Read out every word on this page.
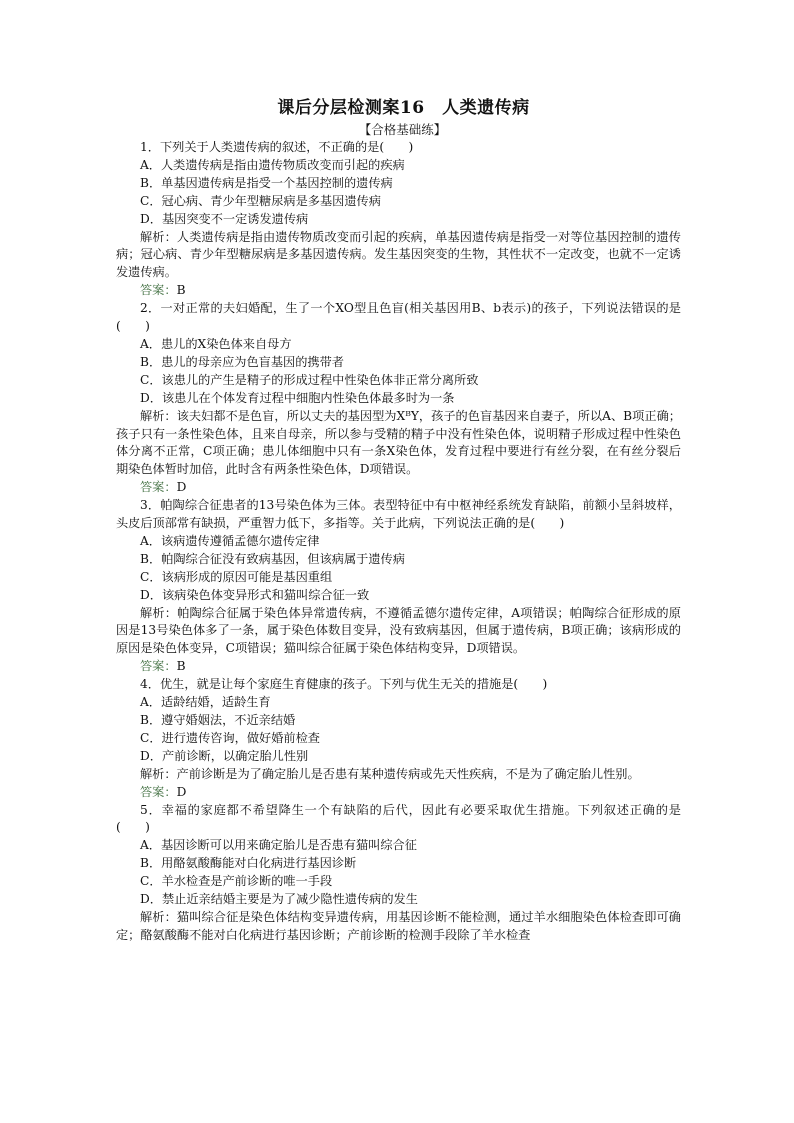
课后分层检测案16　人类遗传病
【合格基础练】
1．下列关于人类遗传病的叙述，不正确的是(　　)
A．人类遗传病是指由遗传物质改变而引起的疾病
B．单基因遗传病是指受一个基因控制的遗传病
C．冠心病、青少年型糖尿病是多基因遗传病
D．基因突变不一定诱发遗传病
解析：人类遗传病是指由遗传物质改变而引起的疾病，单基因遗传病是指受一对等位基因控制的遗传病；冠心病、青少年型糖尿病是多基因遗传病。发生基因突变的生物，其性状不一定改变，也就不一定诱发遗传病。
答案：B
2．一对正常的夫妇婚配，生了一个XO型且色盲(相关基因用B、b表示)的孩子，下列说法错误的是(　　)
A．患儿的X染色体来自母方
B．患儿的母亲应为色盲基因的携带者
C．该患儿的产生是精子的形成过程中性染色体非正常分离所致
D．该患儿在个体发育过程中细胞内性染色体最多时为一条
解析：该夫妇都不是色盲，所以丈夫的基因型为XᴮY，孩子的色盲基因来自妻子，所以A、B项正确；孩子只有一条性染色体，且来自母亲，所以参与受精的精子中没有性染色体，说明精子形成过程中性染色体分离不正常，C项正确；患儿体细胞中只有一条X染色体，发育过程中要进行有丝分裂，在有丝分裂后期染色体暂时加倍，此时含有两条性染色体，D项错误。
答案：D
3．帕陶综合征患者的13号染色体为三体。表型特征中有中枢神经系统发育缺陷，前额小呈斜坡样，头皮后顶部常有缺损，严重智力低下，多指等。关于此病，下列说法正确的是(　　)
A．该病遗传遵循孟德尔遗传定律
B．帕陶综合征没有致病基因，但该病属于遗传病
C．该病形成的原因可能是基因重组
D．该病染色体变异形式和猫叫综合征一致
解析：帕陶综合征属于染色体异常遗传病，不遵循孟德尔遗传定律，A项错误；帕陶综合征形成的原因是13号染色体多了一条，属于染色体数目变异，没有致病基因，但属于遗传病，B项正确；该病形成的原因是染色体变异，C项错误；猫叫综合征属于染色体结构变异，D项错误。
答案：B
4．优生，就是让每个家庭生育健康的孩子。下列与优生无关的措施是(　　)
A．适龄结婚，适龄生育
B．遵守婚姻法，不近亲结婚
C．进行遗传咨询，做好婚前检查
D．产前诊断，以确定胎儿性别
解析：产前诊断是为了确定胎儿是否患有某种遗传病或先天性疾病，不是为了确定胎儿性别。
答案：D
5．幸福的家庭都不希望降生一个有缺陷的后代，因此有必要采取优生措施。下列叙述正确的是(　　)
A．基因诊断可以用来确定胎儿是否患有猫叫综合征
B．用酪氨酸酶能对白化病进行基因诊断
C．羊水检查是产前诊断的唯一手段
D．禁止近亲结婚主要是为了减少隐性遗传病的发生
解析：猫叫综合征是染色体结构变异遗传病，用基因诊断不能检测，通过羊水细胞染色体检查即可确定；酪氨酸酶不能对白化病进行基因诊断；产前诊断的检测手段除了羊水检查
